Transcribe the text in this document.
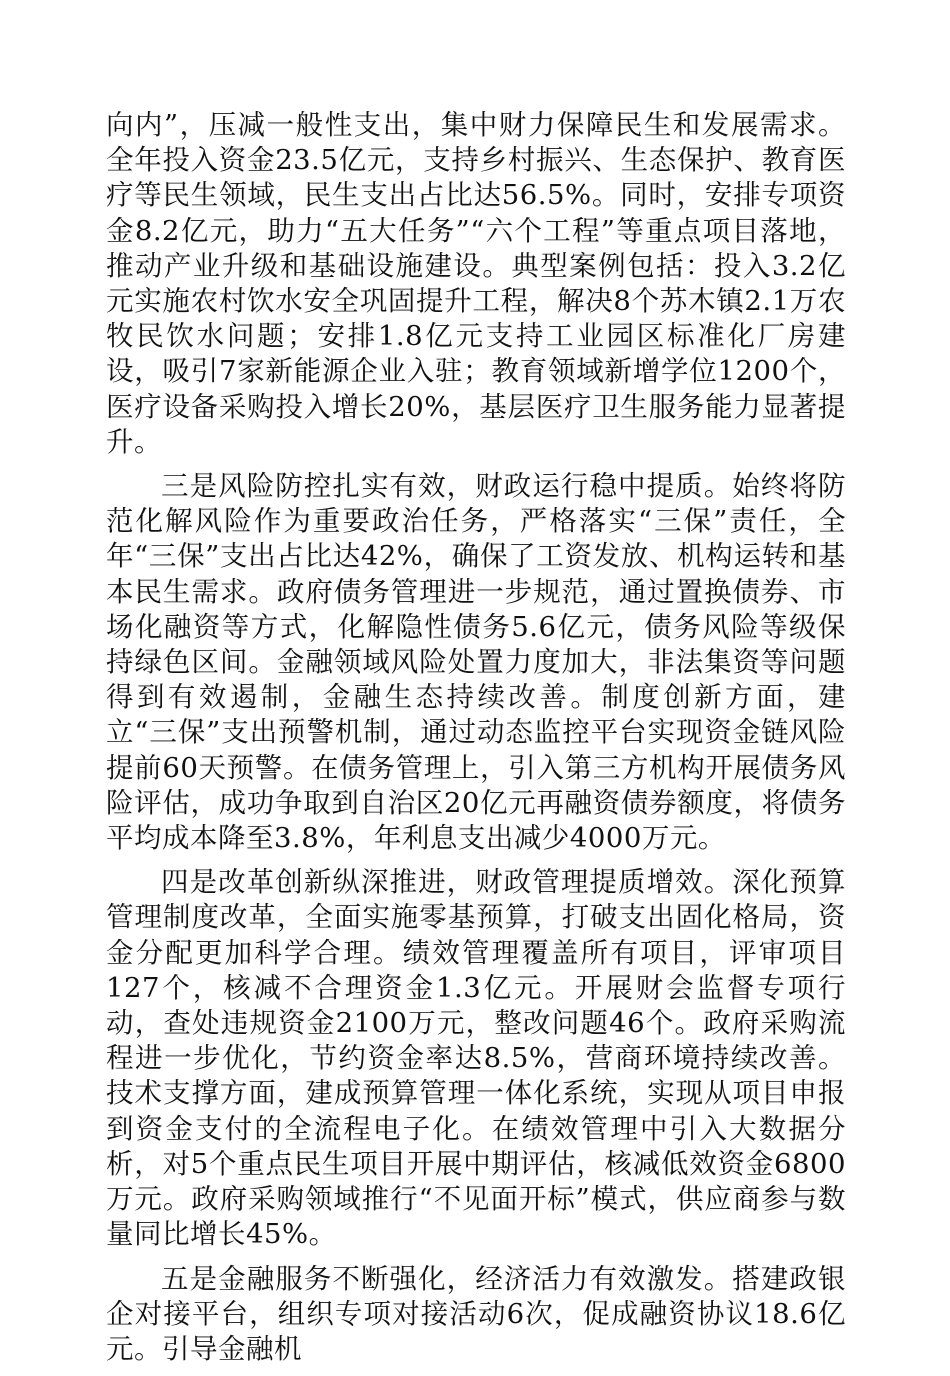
向内”，压减一般性支出，集中财力保障民生和发展需求。全年投入资金23.5亿元，支持乡村振兴、生态保护、教育医疗等民生领域，民生支出占比达56.5%。同时，安排专项资金8.2亿元，助力“五大任务”“六个工程”等重点项目落地，推动产业升级和基础设施建设。典型案例包括：投入3.2亿元实施农村饮水安全巩固提升工程，解决8个苏木镇2.1万农牧民饮水问题；安排1.8亿元支持工业园区标准化厂房建设，吸引7家新能源企业入驻；教育领域新增学位1200个，医疗设备采购投入增长20%，基层医疗卫生服务能力显著提升。

三是风险防控扎实有效，财政运行稳中提质。始终将防范化解风险作为重要政治任务，严格落实“三保”责任，全年“三保”支出占比达42%，确保了工资发放、机构运转和基本民生需求。政府债务管理进一步规范，通过置换债券、市场化融资等方式，化解隐性债务5.6亿元，债务风险等级保持绿色区间。金融领域风险处置力度加大，非法集资等问题得到有效遏制，金融生态持续改善。制度创新方面，建立“三保”支出预警机制，通过动态监控平台实现资金链风险提前60天预警。在债务管理上，引入第三方机构开展债务风险评估，成功争取到自治区20亿元再融资债券额度，将债务平均成本降至3.8%，年利息支出减少4000万元。

四是改革创新纵深推进，财政管理提质增效。深化预算管理制度改革，全面实施零基预算，打破支出固化格局，资金分配更加科学合理。绩效管理覆盖所有项目，评审项目127个，核减不合理资金1.3亿元。开展财会监督专项行动，查处违规资金2100万元，整改问题46个。政府采购流程进一步优化，节约资金率达8.5%，营商环境持续改善。技术支撑方面，建成预算管理一体化系统，实现从项目申报到资金支付的全流程电子化。在绩效管理中引入大数据分析，对5个重点民生项目开展中期评估，核减低效资金6800万元。政府采购领域推行“不见面开标”模式，供应商参与数量同比增长45%。

五是金融服务不断强化，经济活力有效激发。搭建政银企对接平台，组织专项对接活动6次，促成融资协议18.6亿元。引导金融机
